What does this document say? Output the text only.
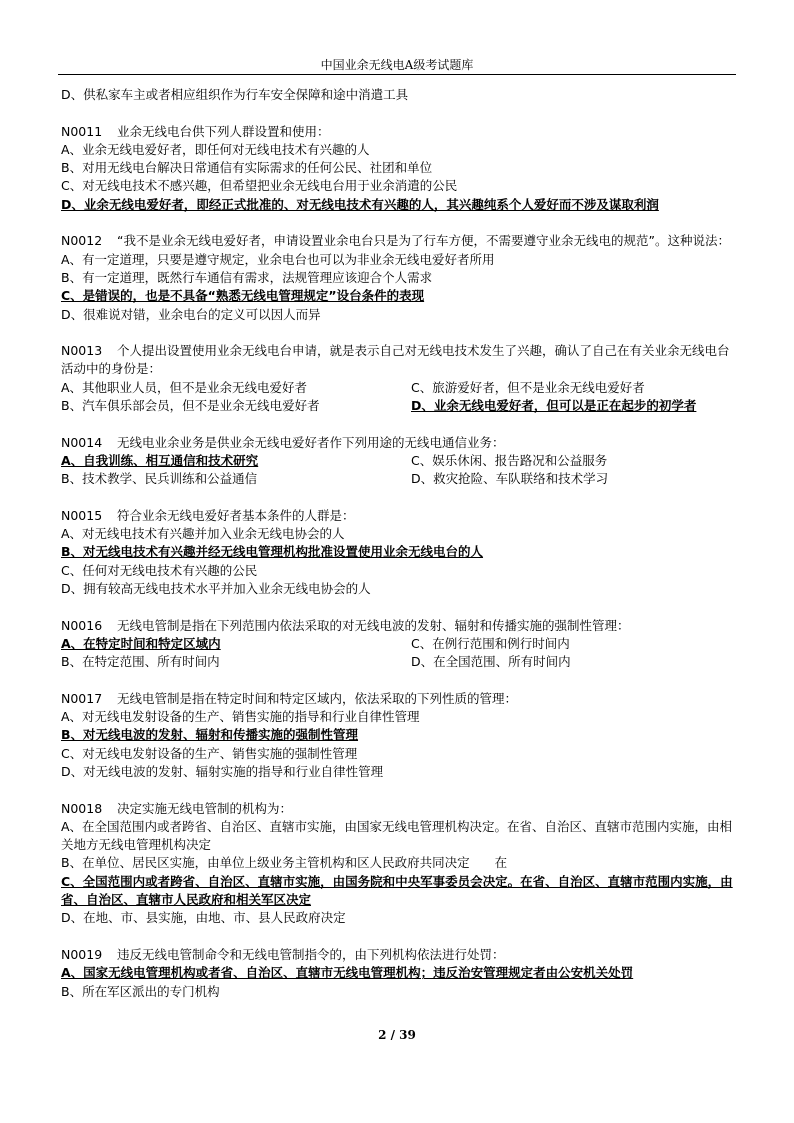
中国业余无线电A级考试题库
D、供私家车主或者相应组织作为行车安全保障和途中消遣工具
N0011 业余无线电台供下列人群设置和使用：
A、业余无线电爱好者，即任何对无线电技术有兴趣的人
B、对用无线电台解决日常通信有实际需求的任何公民、社团和单位
C、对无线电技术不感兴趣，但希望把业余无线电台用于业余消遣的公民
D、业余无线电爱好者，即经正式批准的、对无线电技术有兴趣的人，其兴趣纯系个人爱好而不涉及谋取利润
N0012 “我不是业余无线电爱好者，申请设置业余电台只是为了行车方便，不需要遵守业余无线电的规范”。这种说法：
A、有一定道理，只要是遵守规定，业余电台也可以为非业余无线电爱好者所用
B、有一定道理，既然行车通信有需求，法规管理应该迎合个人需求
C、是错误的，也是不具备“熟悉无线电管理规定”设台条件的表现
D、很难说对错，业余电台的定义可以因人而异
N0013 个人提出设置使用业余无线电台申请，就是表示自己对无线电技术发生了兴趣，确认了自己在有关业余无线电台活动中的身份是：
A、其他职业人员，但不是业余无线电爱好者	C、旅游爱好者，但不是业余无线电爱好者
B、汽车俱乐部会员，但不是业余无线电爱好者	D、业余无线电爱好者，但可以是正在起步的初学者
N0014 无线电业余业务是供业余无线电爱好者作下列用途的无线电通信业务：
A、自我训练、相互通信和技术研究	C、娱乐休闲、报告路况和公益服务
B、技术教学、民兵训练和公益通信	D、救灾抢险、车队联络和技术学习
N0015 符合业余无线电爱好者基本条件的人群是：
A、对无线电技术有兴趣并加入业余无线电协会的人
B、对无线电技术有兴趣并经无线电管理机构批准设置使用业余无线电台的人
C、任何对无线电技术有兴趣的公民
D、拥有较高无线电技术水平并加入业余无线电协会的人
N0016 无线电管制是指在下列范围内依法采取的对无线电波的发射、辐射和传播实施的强制性管理：
A、在特定时间和特定区域内	C、在例行范围和例行时间内
B、在特定范围、所有时间内	D、在全国范围、所有时间内
N0017 无线电管制是指在特定时间和特定区域内，依法采取的下列性质的管理：
A、对无线电发射设备的生产、销售实施的指导和行业自律性管理
B、对无线电波的发射、辐射和传播实施的强制性管理
C、对无线电发射设备的生产、销售实施的强制性管理
D、对无线电波的发射、辐射实施的指导和行业自律性管理
N0018 决定实施无线电管制的机构为：
A、在全国范围内或者跨省、自治区、直辖市实施，由国家无线电管理机构决定。在省、自治区、直辖市范围内实施，由相关地方无线电管理机构决定
B、在单位、居民区实施，由单位上级业务主管机构和区人民政府共同决定　　在
C、全国范围内或者跨省、自治区、直辖市实施，由国务院和中央军事委员会决定。在省、自治区、直辖市范围内实施，由省、自治区、直辖市人民政府和相关军区决定
D、在地、市、县实施，由地、市、县人民政府决定
N0019 违反无线电管制命令和无线电管制指令的，由下列机构依法进行处罚：
A、国家无线电管理机构或者省、自治区、直辖市无线电管理机构；违反治安管理规定者由公安机关处罚
B、所在军区派出的专门机构
2 / 39
